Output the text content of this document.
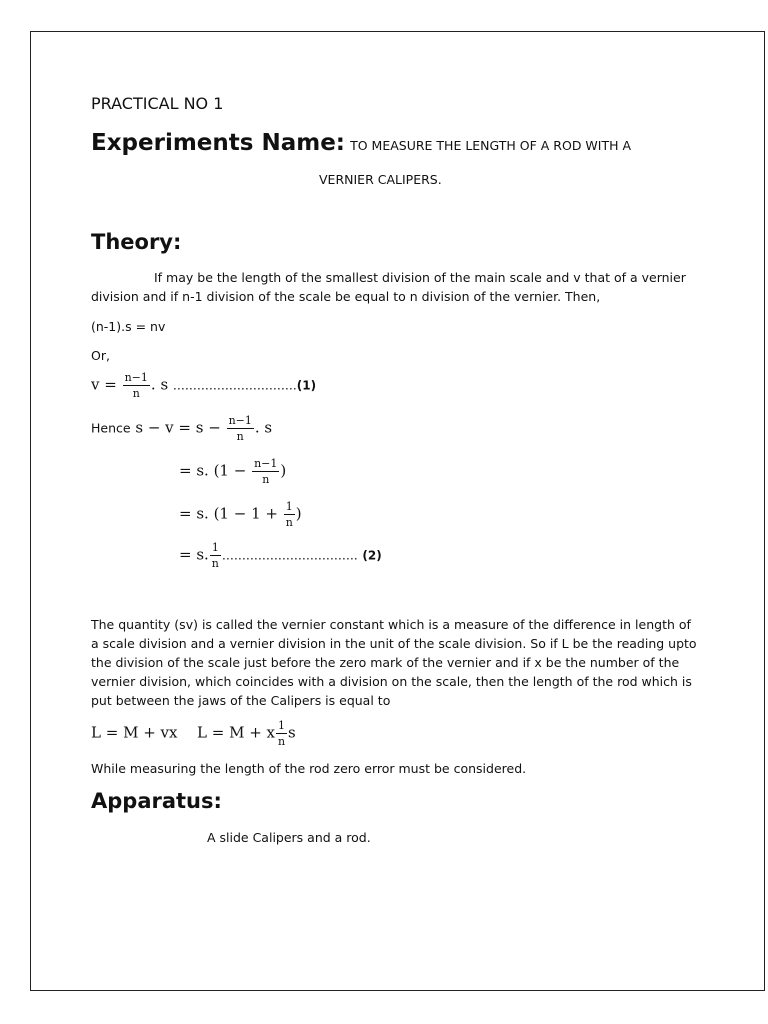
PRACTICAL NO 1
Experiments Name: TO MEASURE THE LENGTH OF A ROD WITH A
VERNIER CALIPERS.
Theory:
If may be the length of the smallest division of the main scale and v that of a vernier
division and if n-1 division of the scale be equal to n division of the vernier. Then,
(n-1).s = nv
Or,
$v = \frac{n-1}{n}$ . s ………………………….(1)
Hence $s - v = s - \frac{n-1}{n}$ . s
= s. ($1 - \frac{n-1}{n}$ )
= s. ($1 - 1 + \frac{1}{n}$ )
= s. $\frac{1}{n}$ ……………………………. (2)
The quantity (sv) is called the vernier constant which is a measure of the difference in length of
a scale division and a vernier division in the unit of the scale division. So if L be the reading upto
the division of the scale just before the zero mark of the vernier and if x be the number of the
vernier division, which coincides with a division on the scale, then the length of the rod which is
put between the jaws of the Calipers is equal to
L = M + vx L = M + x $\frac{1}{n}$ s
While measuring the length of the rod zero error must be considered.
Apparatus:
A slide Calipers and a rod.
